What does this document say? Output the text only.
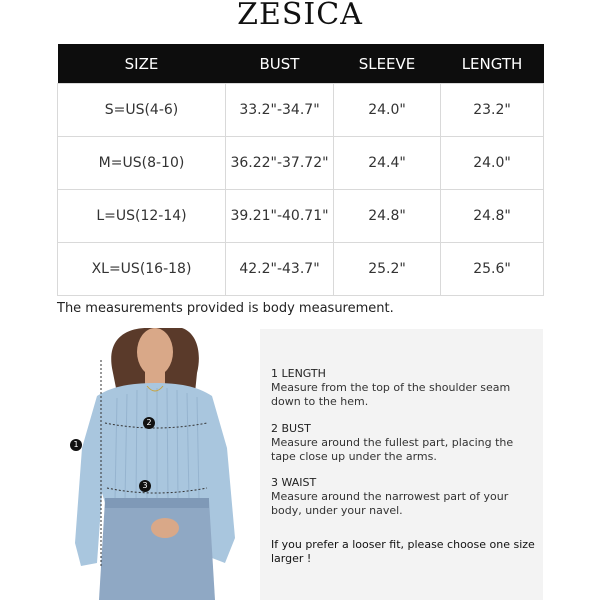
ZESICA
SIZE	BUST	SLEEVE	LENGTH
S=US(4-6)	33.2"-34.7"	24.0"	23.2"
M=US(8-10)	36.22"-37.72"	24.4"	24.0"
L=US(12-14)	39.21"-40.71"	24.8"	24.8"
XL=US(16-18)	42.2"-43.7"	25.2"	25.6"
The measurements provided is body measurement.
1
2
3
1 LENGTH
Measure from the top of the shoulder seam down to the hem.
2 BUST
Measure around the fullest part, placing the tape close up under the arms.
3 WAIST
Measure around the narrowest part of your body, under your navel.
If you prefer a looser fit, please choose one size larger !
